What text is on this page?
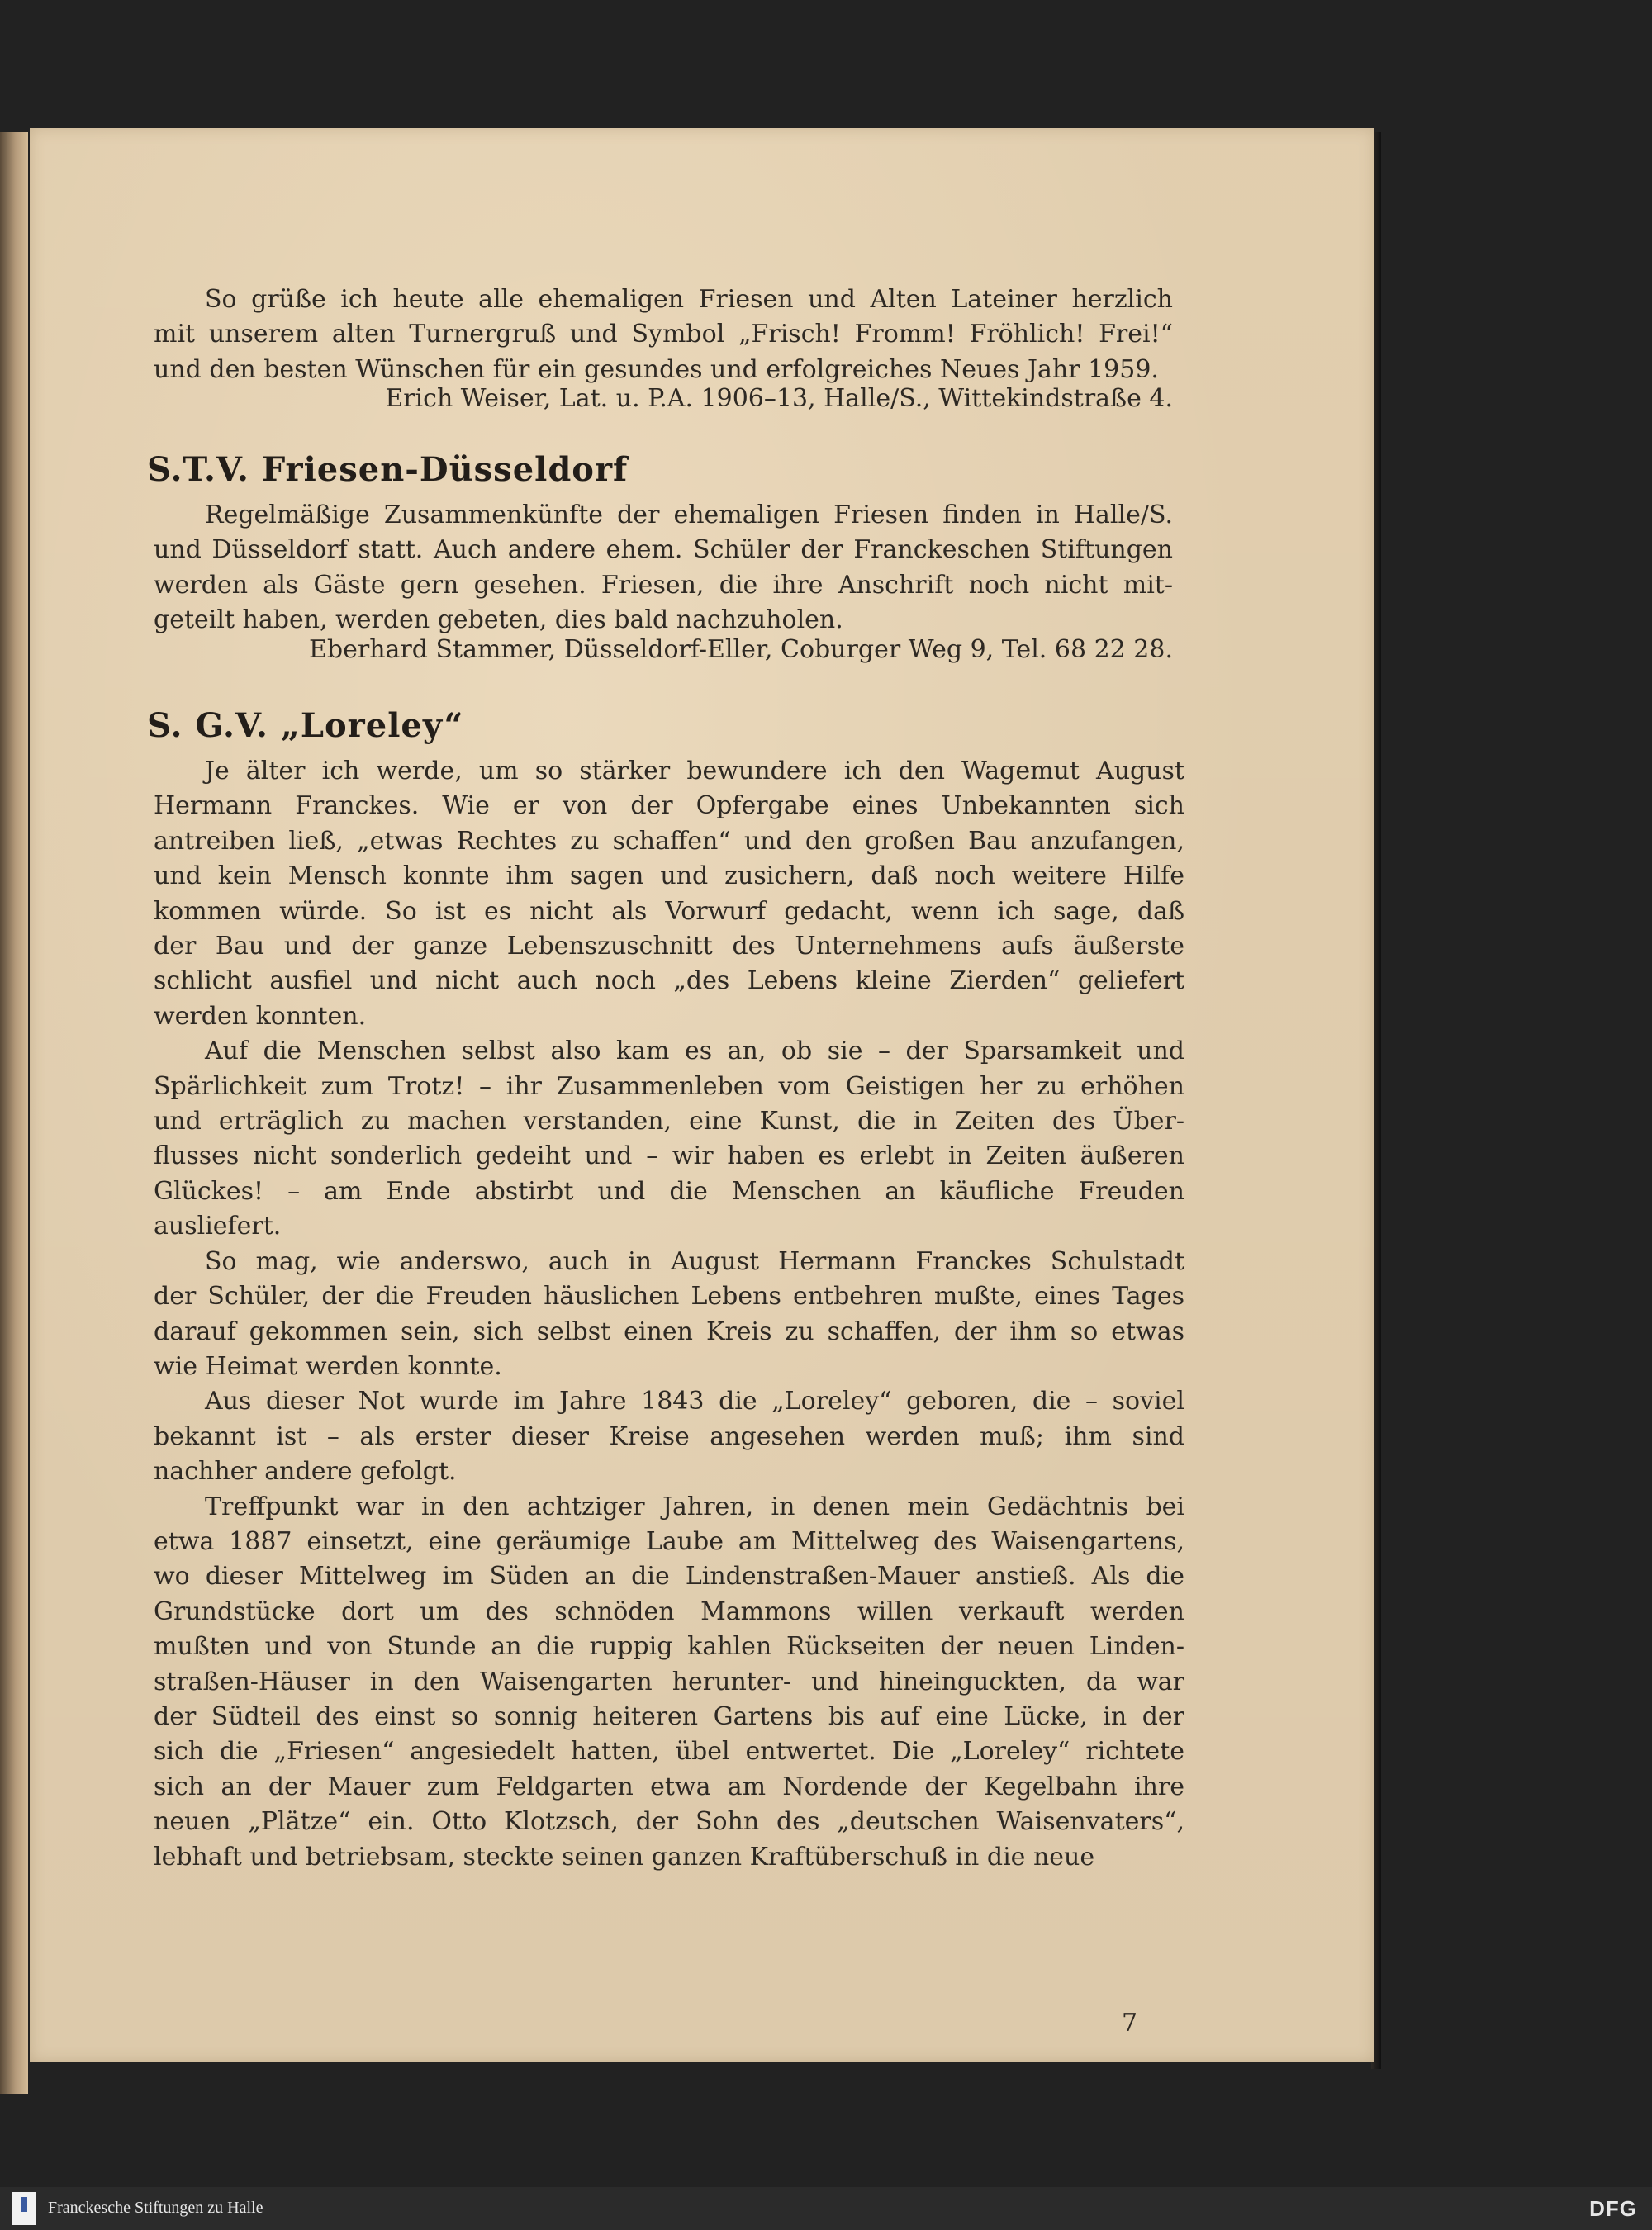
So grüße ich heute alle ehemaligen Friesen und Alten Lateiner herzlich
mit unserem alten Turnergruß und Symbol „Frisch! Fromm! Fröhlich! Frei!“
und den besten Wünschen für ein gesundes und erfolgreiches Neues Jahr 1959.
Erich Weiser, Lat. u. P.A. 1906–13, Halle/S., Wittekindstraße 4.
S.T.V. Friesen-Düsseldorf
Regelmäßige Zusammenkünfte der ehemaligen Friesen finden in Halle/S.
und Düsseldorf statt. Auch andere ehem. Schüler der Franckeschen Stiftungen
werden als Gäste gern gesehen. Friesen, die ihre Anschrift noch nicht mit-
geteilt haben, werden gebeten, dies bald nachzuholen.
Eberhard Stammer, Düsseldorf-Eller, Coburger Weg 9, Tel. 68 22 28.
S. G.V. „Loreley“
Je älter ich werde, um so stärker bewundere ich den Wagemut August
Hermann Franckes. Wie er von der Opfergabe eines Unbekannten sich
antreiben ließ, „etwas Rechtes zu schaffen“ und den großen Bau anzufangen,
und kein Mensch konnte ihm sagen und zusichern, daß noch weitere Hilfe
kommen würde. So ist es nicht als Vorwurf gedacht, wenn ich sage, daß
der Bau und der ganze Lebenszuschnitt des Unternehmens aufs äußerste
schlicht ausfiel und nicht auch noch „des Lebens kleine Zierden“ geliefert
werden konnten.
Auf die Menschen selbst also kam es an, ob sie – der Sparsamkeit und
Spärlichkeit zum Trotz! – ihr Zusammenleben vom Geistigen her zu erhöhen
und erträglich zu machen verstanden, eine Kunst, die in Zeiten des Über-
flusses nicht sonderlich gedeiht und – wir haben es erlebt in Zeiten äußeren
Glückes! – am Ende abstirbt und die Menschen an käufliche Freuden
ausliefert.
So mag, wie anderswo, auch in August Hermann Franckes Schulstadt
der Schüler, der die Freuden häuslichen Lebens entbehren mußte, eines Tages
darauf gekommen sein, sich selbst einen Kreis zu schaffen, der ihm so etwas
wie Heimat werden konnte.
Aus dieser Not wurde im Jahre 1843 die „Loreley“ geboren, die – soviel
bekannt ist – als erster dieser Kreise angesehen werden muß; ihm sind
nachher andere gefolgt.
Treffpunkt war in den achtziger Jahren, in denen mein Gedächtnis bei
etwa 1887 einsetzt, eine geräumige Laube am Mittelweg des Waisengartens,
wo dieser Mittelweg im Süden an die Lindenstraßen-Mauer anstieß. Als die
Grundstücke dort um des schnöden Mammons willen verkauft werden
mußten und von Stunde an die ruppig kahlen Rückseiten der neuen Linden-
straßen-Häuser in den Waisengarten herunter- und hineinguckten, da war
der Südteil des einst so sonnig heiteren Gartens bis auf eine Lücke, in der
sich die „Friesen“ angesiedelt hatten, übel entwertet. Die „Loreley“ richtete
sich an der Mauer zum Feldgarten etwa am Nordende der Kegelbahn ihre
neuen „Plätze“ ein. Otto Klotzsch, der Sohn des „deutschen Waisenvaters“,
lebhaft und betriebsam, steckte seinen ganzen Kraftüberschuß in die neue
7
Franckesche Stiftungen zu Halle	DFG
